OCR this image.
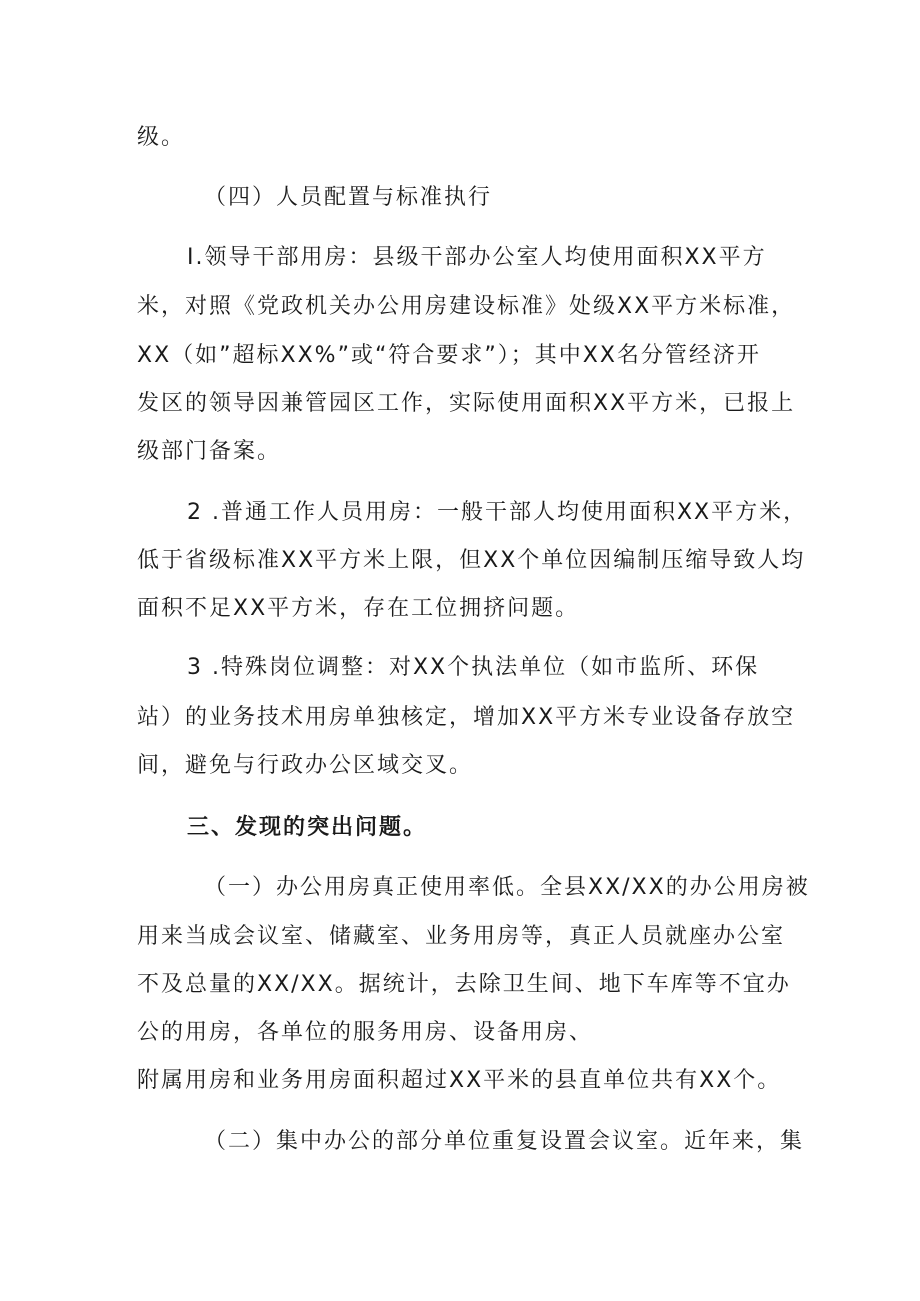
级。
（四）人员配置与标准执行
I.领导干部用房：县级干部办公室人均使用面积XX平方
米，对照《党政机关办公用房建设标准》处级XX平方米标准，
XX（如”超标XX%”或“符合要求”）；其中XX名分管经济开
发区的领导因兼管园区工作，实际使用面积XX平方米，已报上
级部门备案。
2 .普通工作人员用房：一般干部人均使用面积XX平方米，
低于省级标准XX平方米上限，但XX个单位因编制压缩导致人均
面积不足XX平方米，存在工位拥挤问题。
3 .特殊岗位调整：对XX个执法单位（如市监所、环保
站）的业务技术用房单独核定，增加XX平方米专业设备存放空
间，避免与行政办公区域交叉。
三、发现的突出问题。
（一）办公用房真正使用率低。全县XX/XX的办公用房被
用来当成会议室、储藏室、业务用房等，真正人员就座办公室
不及总量的XX/XX。据统计，去除卫生间、地下车库等不宜办
公的用房，各单位的服务用房、设备用房、
附属用房和业务用房面积超过XX平米的县直单位共有XX个。
（二）集中办公的部分单位重复设置会议室。近年来，集
